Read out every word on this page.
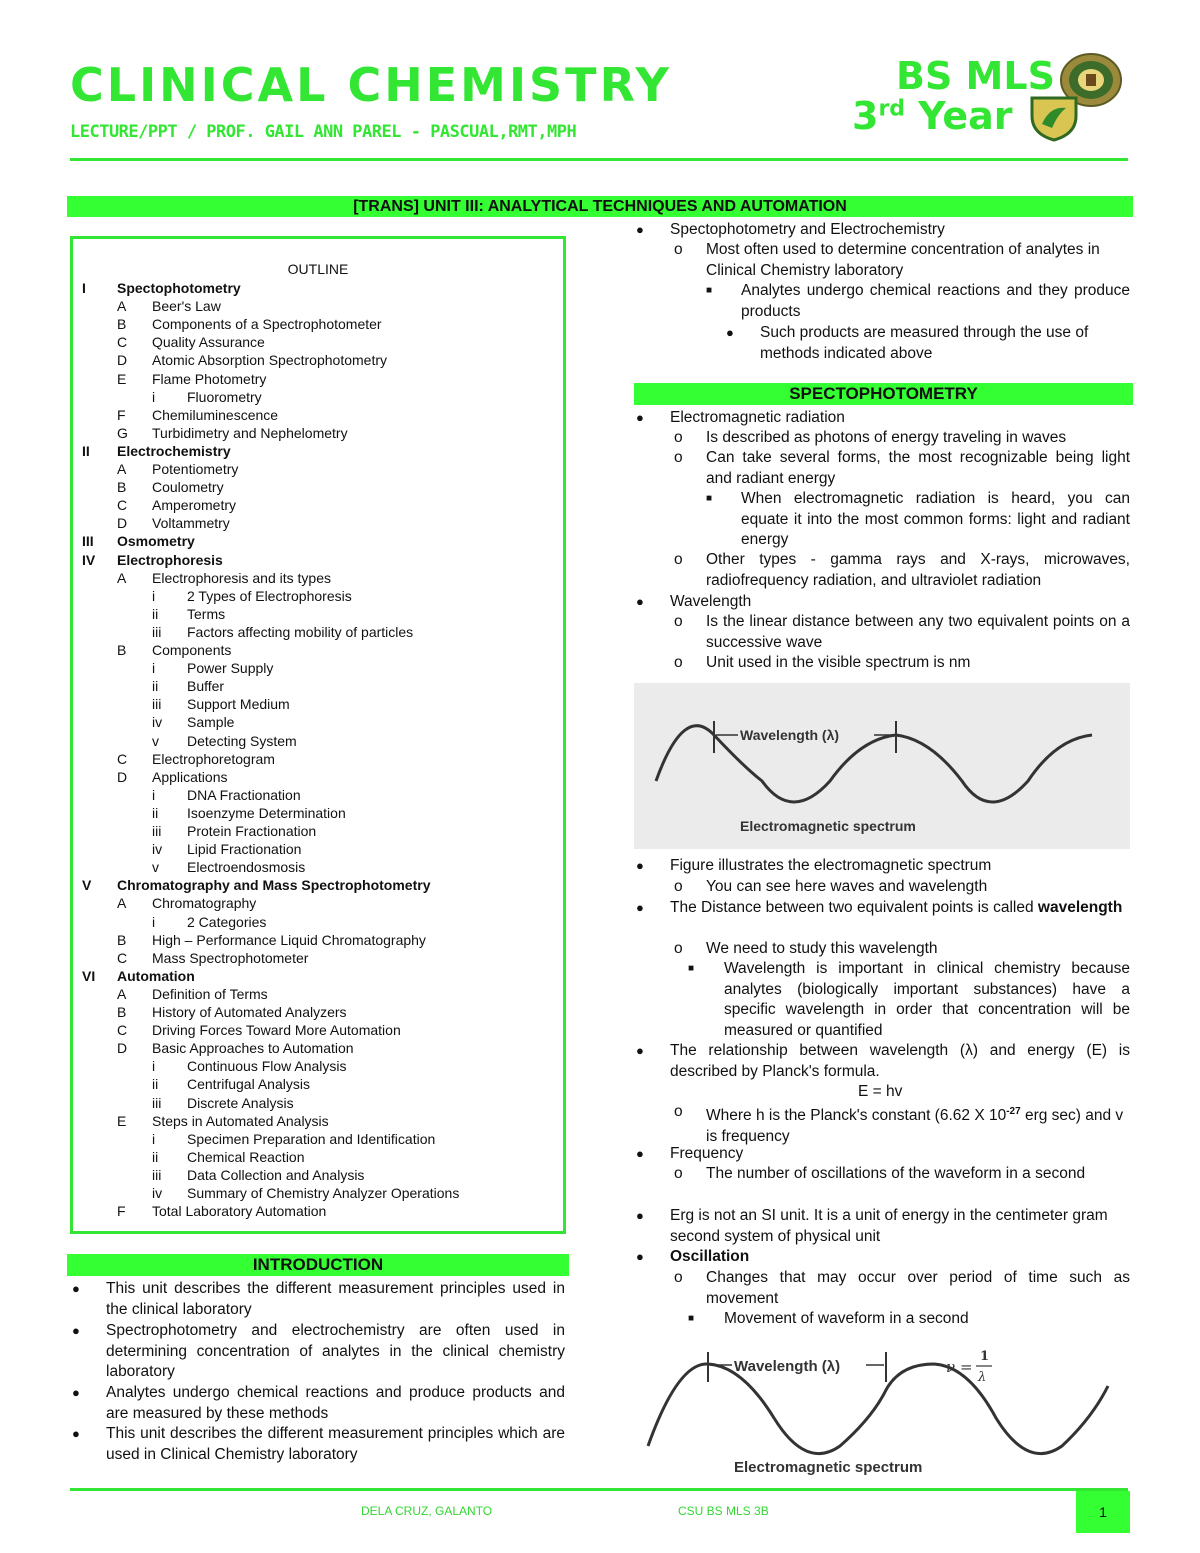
CLINICAL CHEMISTRY
LECTURE/PPT / PROF. GAIL ANN PAREL - PASCUAL,RMT,MPH
BS MLS
3rd Year
[TRANS] UNIT III: ANALYTICAL TECHNIQUES AND AUTOMATION
OUTLINE
I Spectophotometry
A Beer's Law
B Components of a Spectrophotometer
C Quality Assurance
D Atomic Absorption Spectrophotometry
E Flame Photometry
i Fluorometry
F Chemiluminescence
G Turbidimetry and Nephelometry
II Electrochemistry
A Potentiometry
B Coulometry
C Amperometry
D Voltammetry
III Osmometry
IV Electrophoresis
A Electrophoresis and its types
i 2 Types of Electrophoresis
ii Terms
iii Factors affecting mobility of particles
B Components
i Power Supply
ii Buffer
iii Support Medium
iv Sample
v Detecting System
C Electrophoretogram
D Applications
i DNA Fractionation
ii Isoenzyme Determination
iii Protein Fractionation
iv Lipid Fractionation
v Electroendosmosis
V Chromatography and Mass Spectrophotometry
A Chromatography
i 2 Categories
B High – Performance Liquid Chromatography
C Mass Spectrophotometer
VI Automation
A Definition of Terms
B History of Automated Analyzers
C Driving Forces Toward More Automation
D Basic Approaches to Automation
i Continuous Flow Analysis
ii Centrifugal Analysis
iii Discrete Analysis
E Steps in Automated Analysis
i Specimen Preparation and Identification
ii Chemical Reaction
iii Data Collection and Analysis
iv Summary of Chemistry Analyzer Operations
F Total Laboratory Automation
INTRODUCTION
● This unit describes the different measurement principles used in the clinical laboratory
● Spectrophotometry and electrochemistry are often used in determining concentration of analytes in the clinical chemistry laboratory
● Analytes undergo chemical reactions and produce products and are measured by these methods
● This unit describes the different measurement principles which are used in Clinical Chemistry laboratory
● Spectophotometry and Electrochemistry
o Most often used to determine concentration of analytes in Clinical Chemistry laboratory
■ Analytes undergo chemical reactions and they produce products
● Such products are measured through the use of methods indicated above
SPECTOPHOTOMETRY
● Electromagnetic radiation
o Is described as photons of energy traveling in waves
o Can take several forms, the most recognizable being light and radiant energy
■ When electromagnetic radiation is heard, you can equate it into the most common forms: light and radiant energy
o Other types - gamma rays and X-rays, microwaves, radiofrequency radiation, and ultraviolet radiation
● Wavelength
o Is the linear distance between any two equivalent points on a successive wave
o Unit used in the visible spectrum is nm
Wavelength (λ)
Electromagnetic spectrum
● Figure illustrates the electromagnetic spectrum
o You can see here waves and wavelength
● The Distance between two equivalent points is called wavelength
o We need to study this wavelength
■ Wavelength is important in clinical chemistry because analytes (biologically important substances) have a specific wavelength in order that concentration will be measured or quantified
● The relationship between wavelength (λ) and energy (E) is described by Planck's formula.
E = hv
o Where h is the Planck's constant (6.62 X $10^{-27}$ erg sec) and v is frequency
● Frequency
o The number of oscillations of the waveform in a second
● Erg is not an SI unit. It is a unit of energy in the centimeter gram second system of physical unit
● Oscillation
o Changes that may occur over period of time such as movement
■ Movement of waveform in a second
Wavelength (λ)	ν =
1
λ
Electromagnetic spectrum
DELA CRUZ, GALANTO	CSU BS MLS 3B	1
